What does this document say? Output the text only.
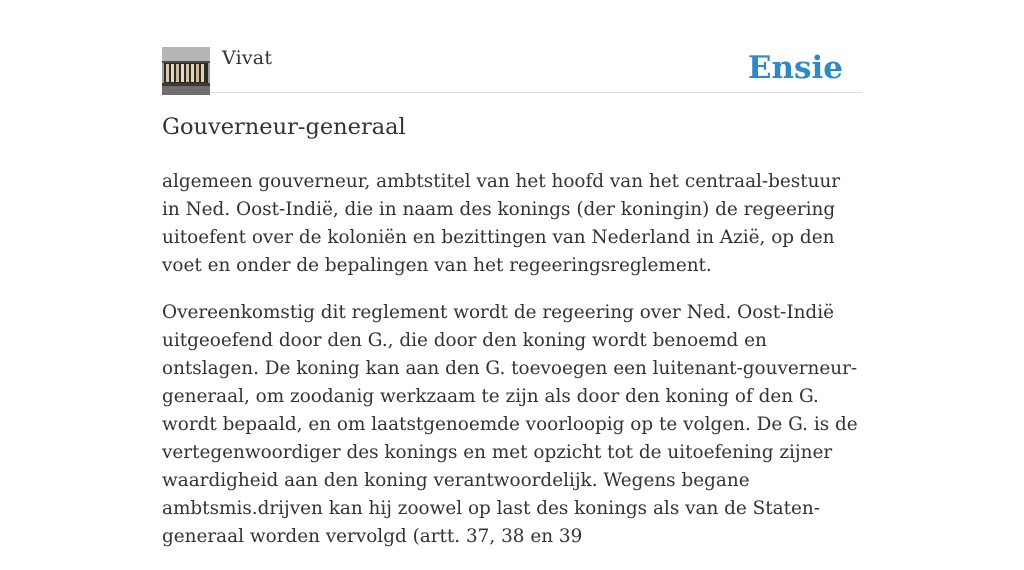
Vivat	Ensie
Gouverneur-generaal

algemeen gouverneur, ambtstitel van het hoofd van het centraal-bestuur in Ned. Oost-Indië, die in naam des konings (der koningin) de regeering uitoefent over de koloniën en bezittingen van Nederland in Azië, op den voet en onder de bepalingen van het regeeringsreglement.

Overeenkomstig dit reglement wordt de regeering over Ned. Oost-Indië uitgeoefend door den G., die door den koning wordt benoemd en ontslagen. De koning kan aan den G. toevoegen een luitenant-gouverneur-generaal, om zoodanig werkzaam te zijn als door den koning of den G. wordt bepaald, en om laatstgenoemde voorloopig op te volgen. De G. is de vertegenwoordiger des konings en met opzicht tot de uitoefening zijner waardigheid aan den koning verantwoordelijk. Wegens begane ambtsmis.drijven kan hij zoowel op last des konings als van de Staten-generaal worden vervolgd (artt. 37, 38 en 39
